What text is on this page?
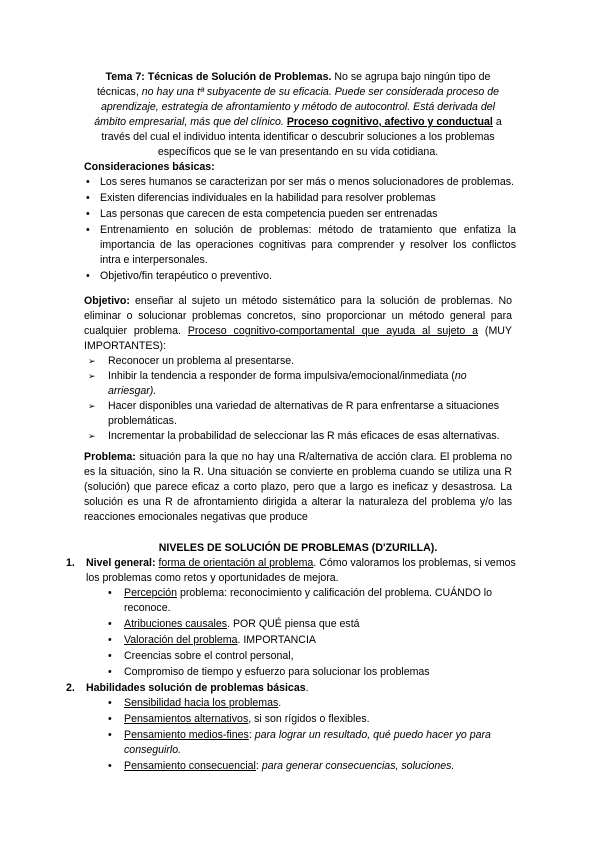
Tema 7: Técnicas de Solución de Problemas. No se agrupa bajo ningún tipo de técnicas, no hay una tª subyacente de su eficacia. Puede ser considerada proceso de aprendizaje, estrategia de afrontamiento y método de autocontrol. Está derivada del ámbito empresarial, más que del clínico. Proceso cognitivo, afectivo y conductual a través del cual el individuo intenta identificar o descubrir soluciones a los problemas específicos que se le van presentando en su vida cotidiana.

Consideraciones básicas:

• Los seres humanos se caracterizan por ser más o menos solucionadores de problemas.
• Existen diferencias individuales en la habilidad para resolver problemas
• Las personas que carecen de esta competencia pueden ser entrenadas
• Entrenamiento en solución de problemas: método de tratamiento que enfatiza la importancia de las operaciones cognitivas para comprender y resolver los conflictos intra e interpersonales.
• Objetivo/fin terapéutico o preventivo.

Objetivo: enseñar al sujeto un método sistemático para la solución de problemas. No eliminar o solucionar problemas concretos, sino proporcionar un método general para cualquier problema. Proceso cognitivo-comportamental que ayuda al sujeto a (MUY IMPORTANTES):

➢ Reconocer un problema al presentarse.
➢ Inhibir la tendencia a responder de forma impulsiva/emocional/inmediata (no arriesgar).
➢ Hacer disponibles una variedad de alternativas de R para enfrentarse a situaciones problemáticas.
➢ Incrementar la probabilidad de seleccionar las R más eficaces de esas alternativas.

Problema: situación para la que no hay una R/alternativa de acción clara. El problema no es la situación, sino la R. Una situación se convierte en problema cuando se utiliza una R (solución) que parece eficaz a corto plazo, pero que a largo es ineficaz y desastrosa. La solución es una R de afrontamiento dirigida a alterar la naturaleza del problema y/o las reacciones emocionales negativas que produce

NIVELES DE SOLUCIÓN DE PROBLEMAS (D'ZURILLA).

1. Nivel general: forma de orientación al problema. Cómo valoramos los problemas, si vemos los problemas como retos y oportunidades de mejora.
• Percepción problema: reconocimiento y calificación del problema. CUÁNDO lo reconoce.
• Atribuciones causales. POR QUÉ piensa que está
• Valoración del problema. IMPORTANCIA
• Creencias sobre el control personal,
• Compromiso de tiempo y esfuerzo para solucionar los problemas
2. Habilidades solución de problemas básicas.
• Sensibilidad hacia los problemas.
• Pensamientos alternativos, si son rígidos o flexibles.
• Pensamiento medios-fines: para lograr un resultado, qué puedo hacer yo para conseguirlo.
• Pensamiento consecuencial: para generar consecuencias, soluciones.
